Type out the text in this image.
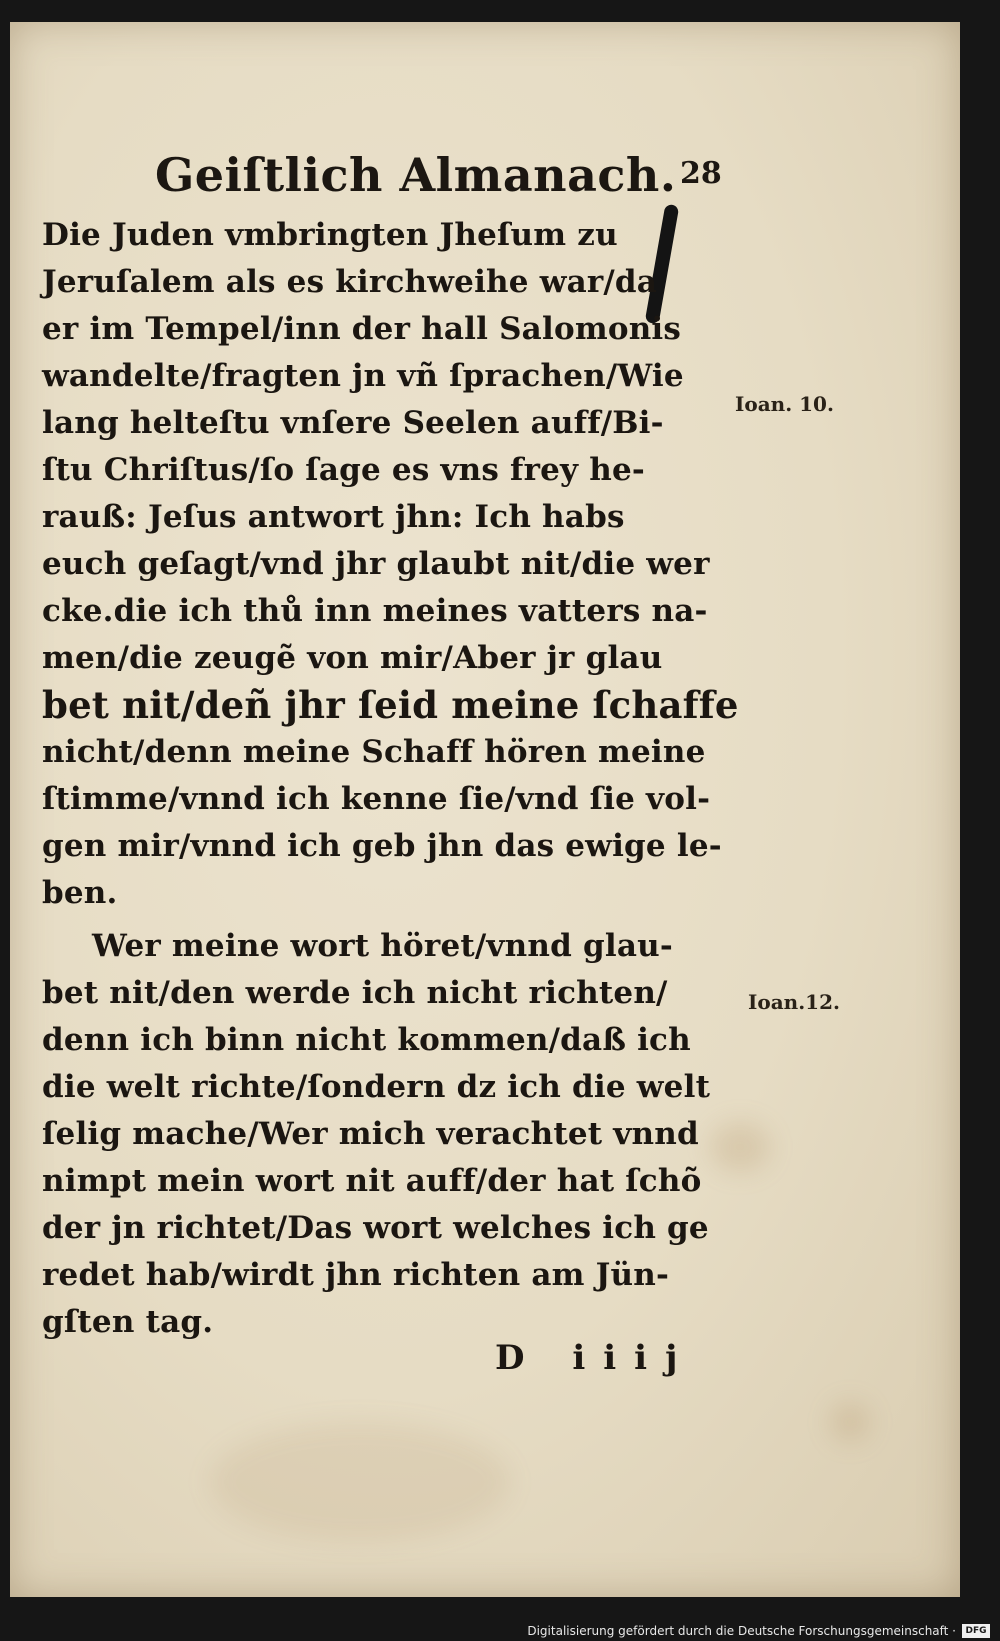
Geiſtlich Almanach. 28
Die Juden vmbringten Jheſum zu
Jeruſalem als es kirchweihe war/da
er im Tempel/inn der hall Salomonis
wandelte/fragten jn vñ ſprachen/Wie
lang helteſtu vnſere Seelen auff/Bi-
ſtu Chriſtus/ſo ſage es vns frey he-
rauß: Jeſus antwort jhn: Ich habs
euch geſagt/vnd jhr glaubt nit/die wer
cke.die ich thů inn meines vatters na-
men/die zeugẽ von mir/Aber jr glau
bet nit/deñ jhr ſeid meine ſchaffe
nicht/denn meine Schaff hören meine
ſtimme/vnnd ich kenne ſie/vnd ſie vol-
gen mir/vnnd ich geb jhn das ewige le-
ben.
Wer meine wort höret/vnnd glau-
bet nit/den werde ich nicht richten/
denn ich binn nicht kommen/daß ich
die welt richte/ſondern dz ich die welt
ſelig mache/Wer mich verachtet vnnd
nimpt mein wort nit auff/der hat ſchõ
der jn richtet/Das wort welches ich ge
redet hab/wirdt jhn richten am Jün-
gſten tag.
Ioan. 10.
Ioan.12.
D iiij
Digitalisierung gefördert durch die Deutsche Forschungsgemeinschaft ·	DFG
